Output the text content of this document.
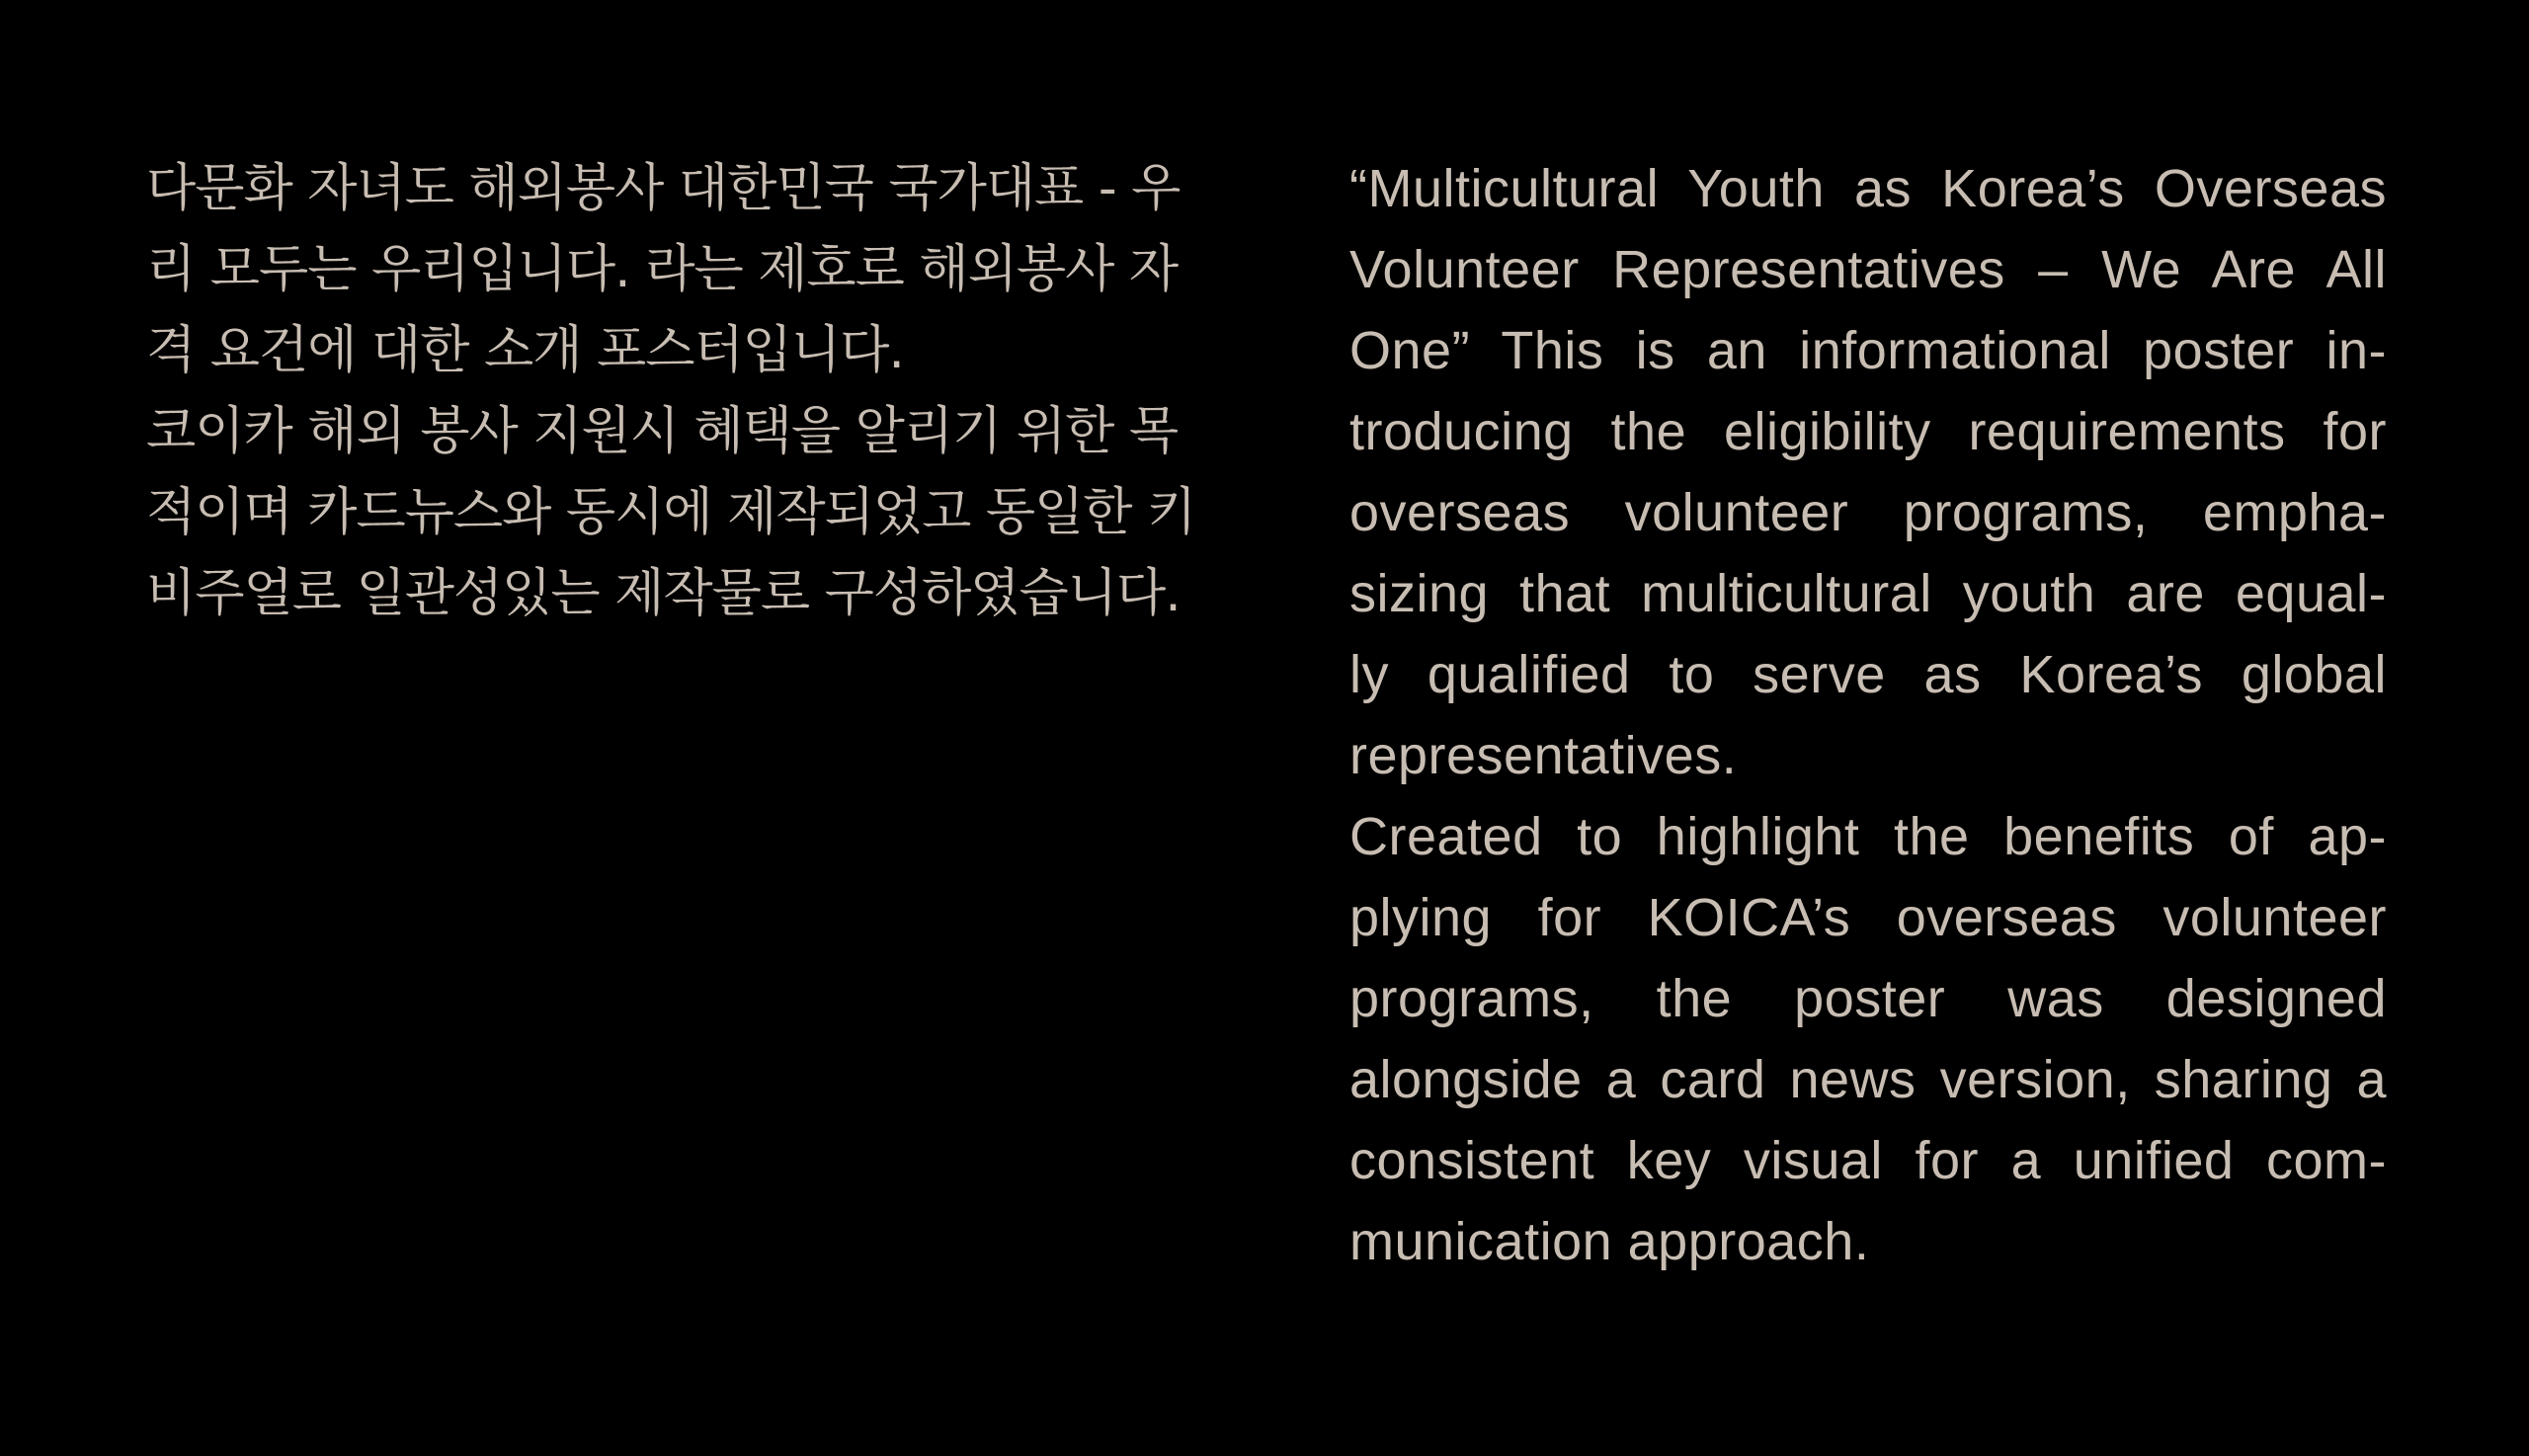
다문화 자녀도 해외봉사 대한민국 국가대표 - 우
리 모두는 우리입니다. 라는 제호로 해외봉사 자
격 요건에 대한 소개 포스터입니다.
코이카 해외 봉사 지원시 혜택을 알리기 위한 목
적이며 카드뉴스와 동시에 제작되었고 동일한 키
비주얼로 일관성있는 제작물로 구성하였습니다.
“Multicultural Youth as Korea’s Overseas
Volunteer Representatives – We Are All
One” This is an informational poster in-
troducing the eligibility requirements for
overseas volunteer programs, empha-
sizing that multicultural youth are equal-
ly qualified to serve as Korea’s global
representatives.
Created to highlight the benefits of ap-
plying for KOICA’s overseas volunteer
programs, the poster was designed
alongside a card news version, sharing a
consistent key visual for a unified com-
munication approach.
